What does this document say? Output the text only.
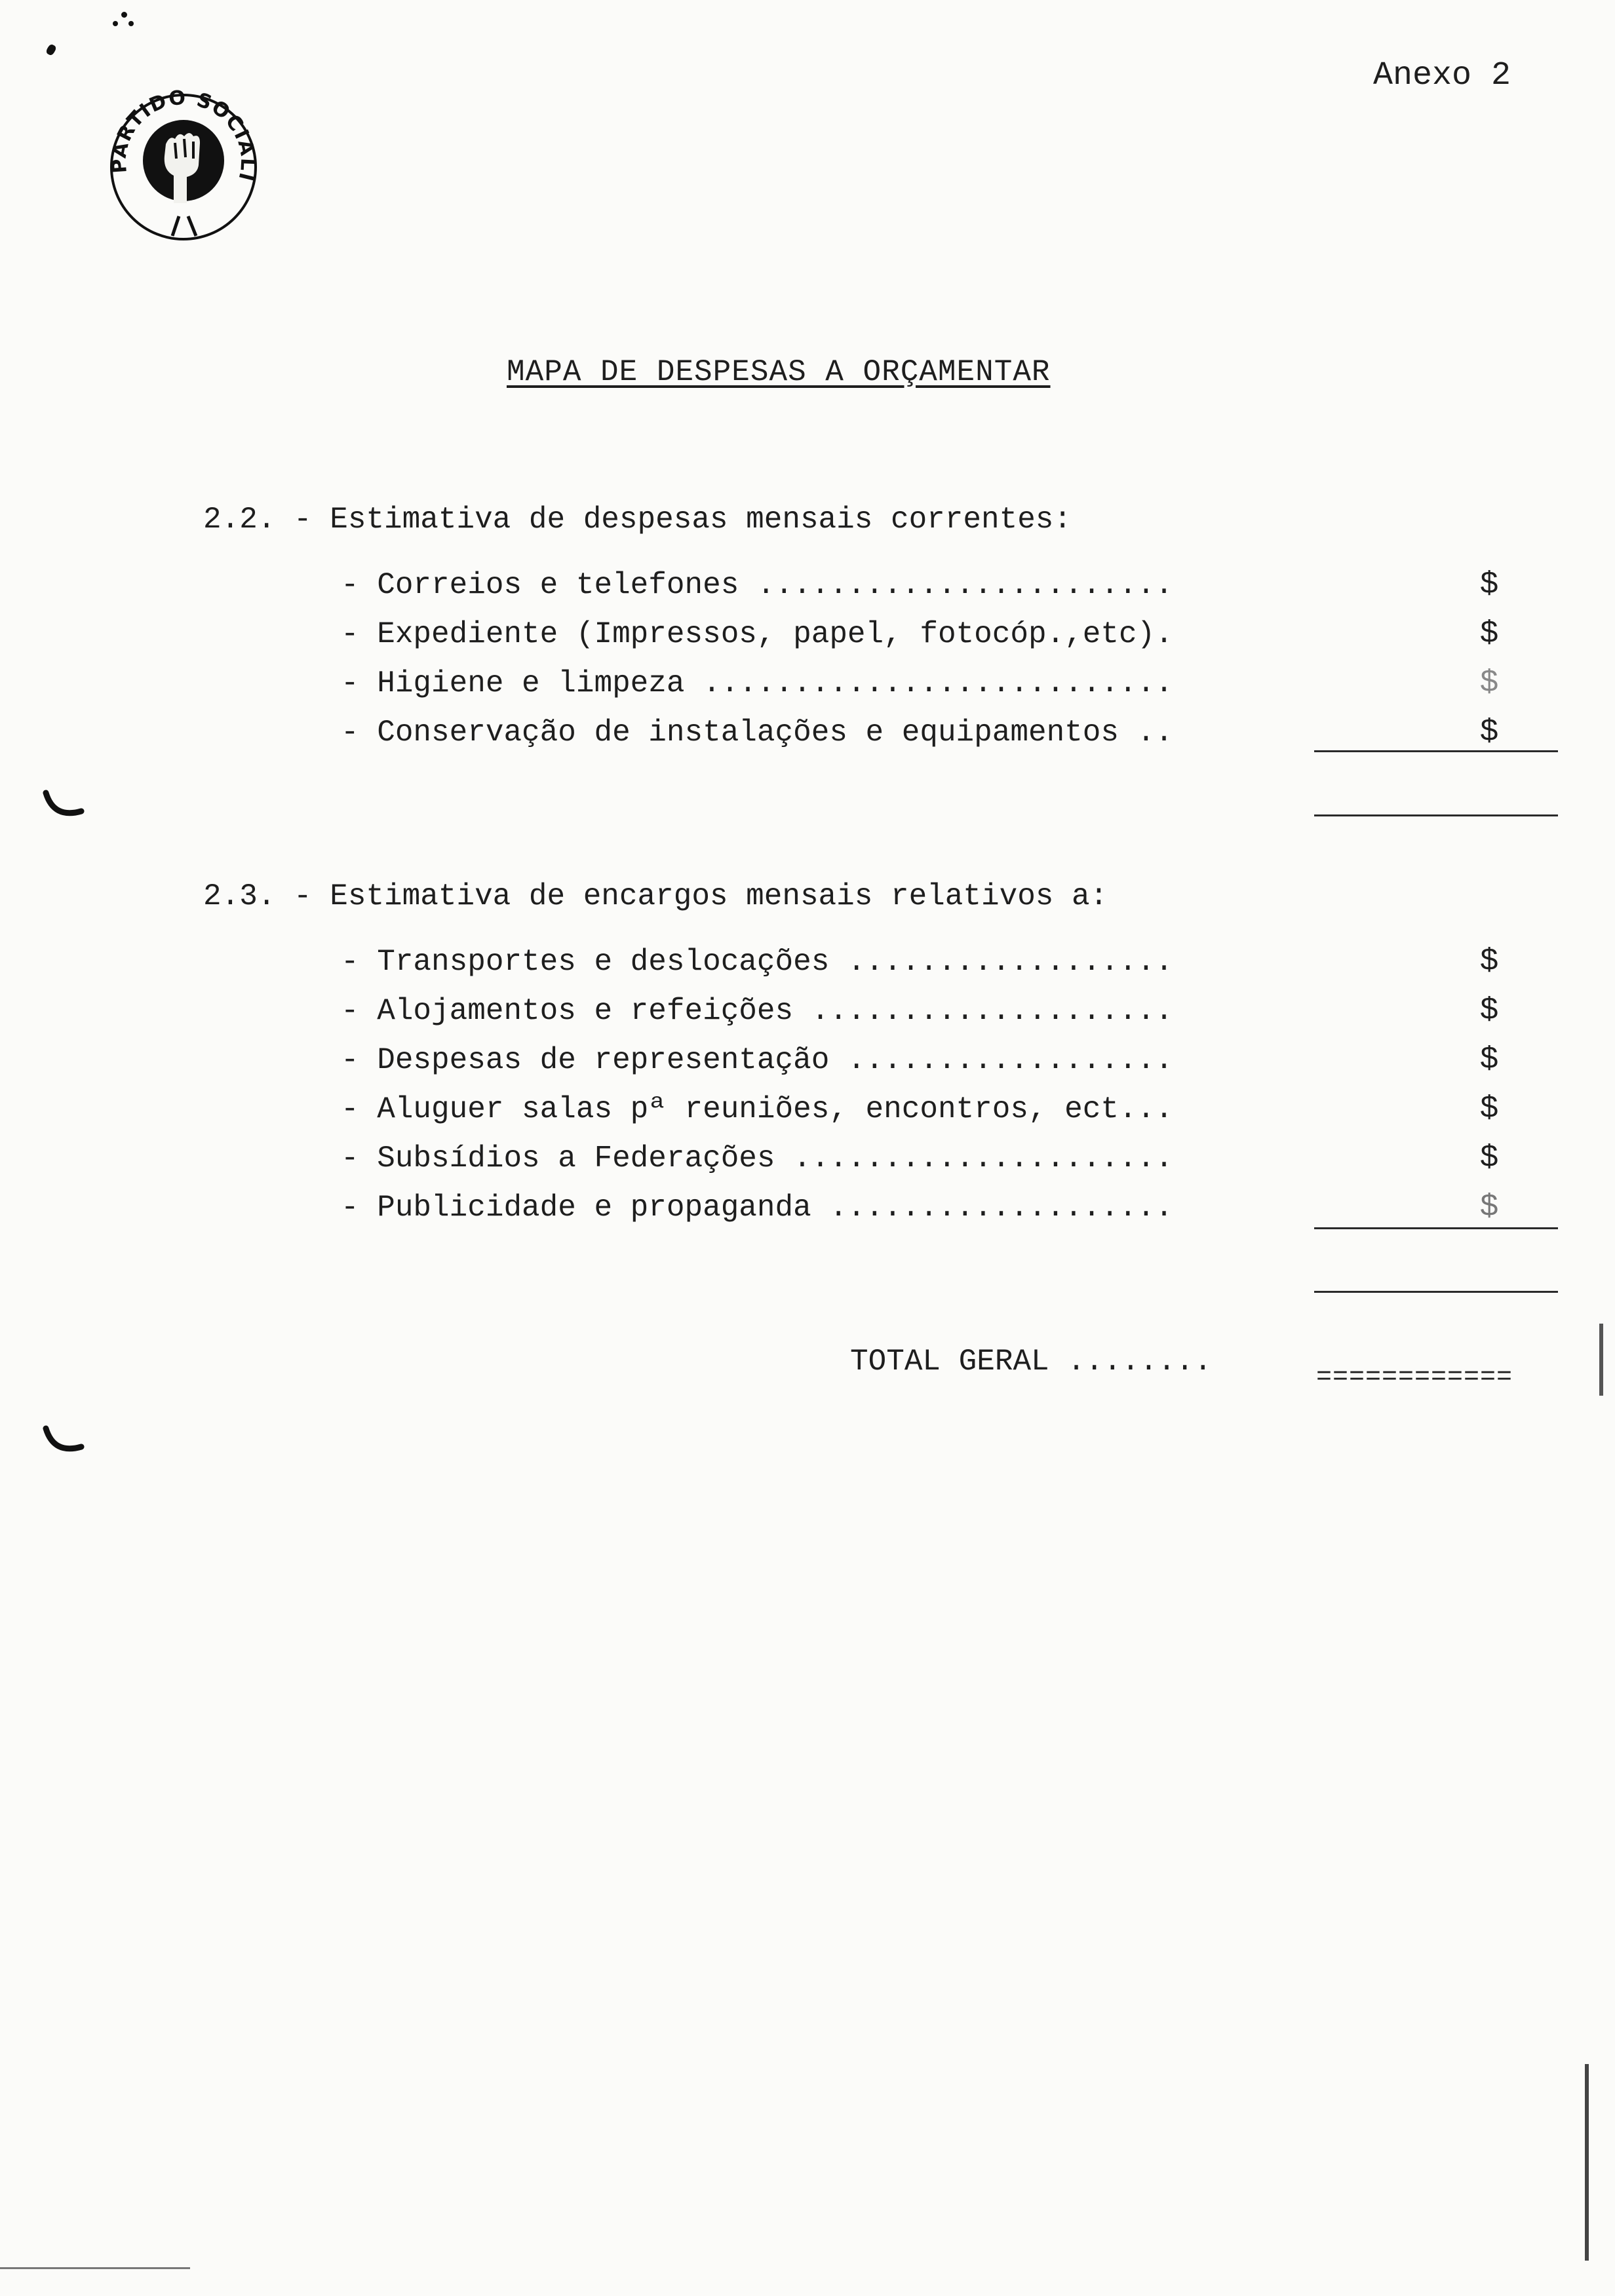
Anexo 2
PARTIDO SOCIALISTA
MAPA DE DESPESAS A ORÇAMENTAR
2.2. - Estimativa de despesas mensais correntes:
- Correios e telefones .......................	$
- Expediente (Impressos, papel, fotocóp.,etc).	$
- Higiene e limpeza ..........................	$
- Conservação de instalações e equipamentos ..	$
2.3. - Estimativa de encargos mensais relativos a:
- Transportes e deslocações ..................	$
- Alojamentos e refeições ....................	$
- Despesas de representação ..................	$
- Aluguer salas pª reuniões, encontros, ect...	$
- Subsídios a Federações .....................	$
- Publicidade e propaganda ...................	$
TOTAL GERAL ........	============
